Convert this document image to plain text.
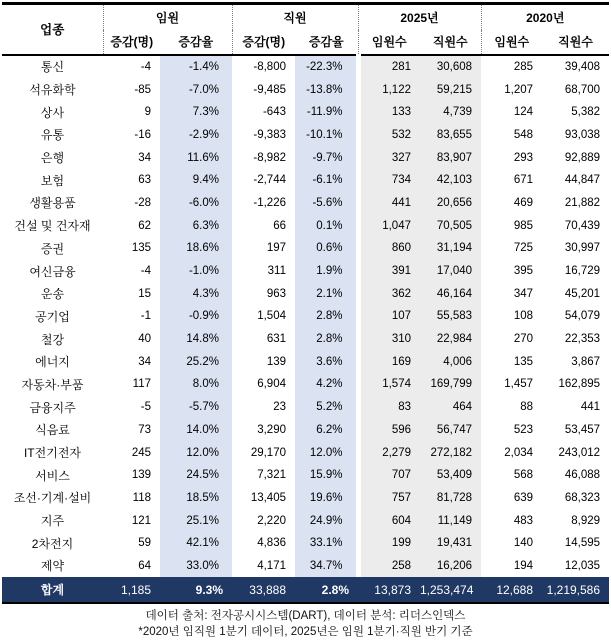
업종	임원		직원		2025년		2020년	
	증감(명)	증감율	증감(명)	증감율	임원수	직원수	임원수	직원수
통신	-4	-1.4%	-8,800	-22.3%	281	30,608	285	39,408
석유화학	-85	-7.0%	-9,485	-13.8%	1,122	59,215	1,207	68,700
상사	9	7.3%	-643	-11.9%	133	4,739	124	5,382
유통	-16	-2.9%	-9,383	-10.1%	532	83,655	548	93,038
은행	34	11.6%	-8,982	-9.7%	327	83,907	293	92,889
보험	63	9.4%	-2,744	-6.1%	734	42,103	671	44,847
생활용품	-28	-6.0%	-1,226	-5.6%	441	20,656	469	21,882
건설 및 건자재	62	6.3%	66	0.1%	1,047	70,505	985	70,439
증권	135	18.6%	197	0.6%	860	31,194	725	30,997
여신금융	-4	-1.0%	311	1.9%	391	17,040	395	16,729
운송	15	4.3%	963	2.1%	362	46,164	347	45,201
공기업	-1	-0.9%	1,504	2.8%	107	55,583	108	54,079
철강	40	14.8%	631	2.8%	310	22,984	270	22,353
에너지	34	25.2%	139	3.6%	169	4,006	135	3,867
자동차·부품	117	8.0%	6,904	4.2%	1,574	169,799	1,457	162,895
금융지주	-5	-5.7%	23	5.2%	83	464	88	441
식음료	73	14.0%	3,290	6.2%	596	56,747	523	53,457
IT전기전자	245	12.0%	29,170	12.0%	2,279	272,182	2,034	243,012
서비스	139	24.5%	7,321	15.9%	707	53,409	568	46,088
조선·기계·설비	118	18.5%	13,405	19.6%	757	81,728	639	68,323
지주	121	25.1%	2,220	24.9%	604	11,149	483	8,929
2차전지	59	42.1%	4,836	33.1%	199	19,431	140	14,595
제약	64	33.0%	4,171	34.7%	258	16,206	194	12,035
합계	1,185	9.3%	33,888	2.8%	13,873	1,253,474	12,688	1,219,586
데이터 출처: 전자공시시스템(DART), 데이터 분석: 리더스인덱스
*2020년 임직원 1분기 데이터, 2025년은 임원 1분기·직원 반기 기준
